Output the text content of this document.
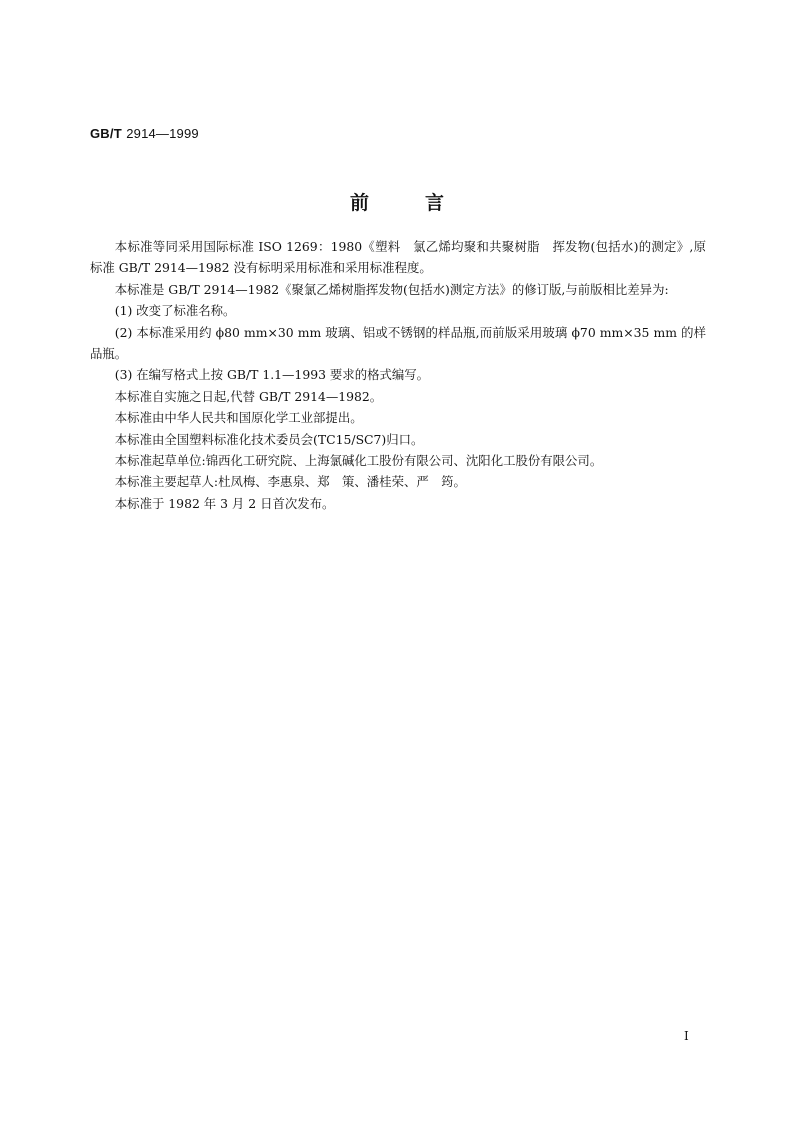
GB/T 2914—1999
前	言

本标准等同采用国际标准 ISO 1269：1980《塑料　氯乙烯均聚和共聚树脂　挥发物(包括水)的测定》,原标准 GB/T 2914—1982 没有标明采用标准和采用标准程度。

本标准是 GB/T 2914—1982《聚氯乙烯树脂挥发物(包括水)测定方法》的修订版,与前版相比差异为:

(1) 改变了标准名称。

(2) 本标准采用约 ϕ80 mm×30 mm 玻璃、铝或不锈钢的样品瓶,而前版采用玻璃 ϕ70 mm×35 mm 的样品瓶。

(3) 在编写格式上按 GB/T 1.1—1993 要求的格式编写。

本标准自实施之日起,代替 GB/T 2914—1982。

本标准由中华人民共和国原化学工业部提出。

本标准由全国塑料标准化技术委员会(TC15/SC7)归口。

本标准起草单位:锦西化工研究院、上海氯碱化工股份有限公司、沈阳化工股份有限公司。

本标准主要起草人:杜凤梅、李惠泉、郑　策、潘桂荣、严　筠。

本标准于 1982 年 3 月 2 日首次发布。

I
